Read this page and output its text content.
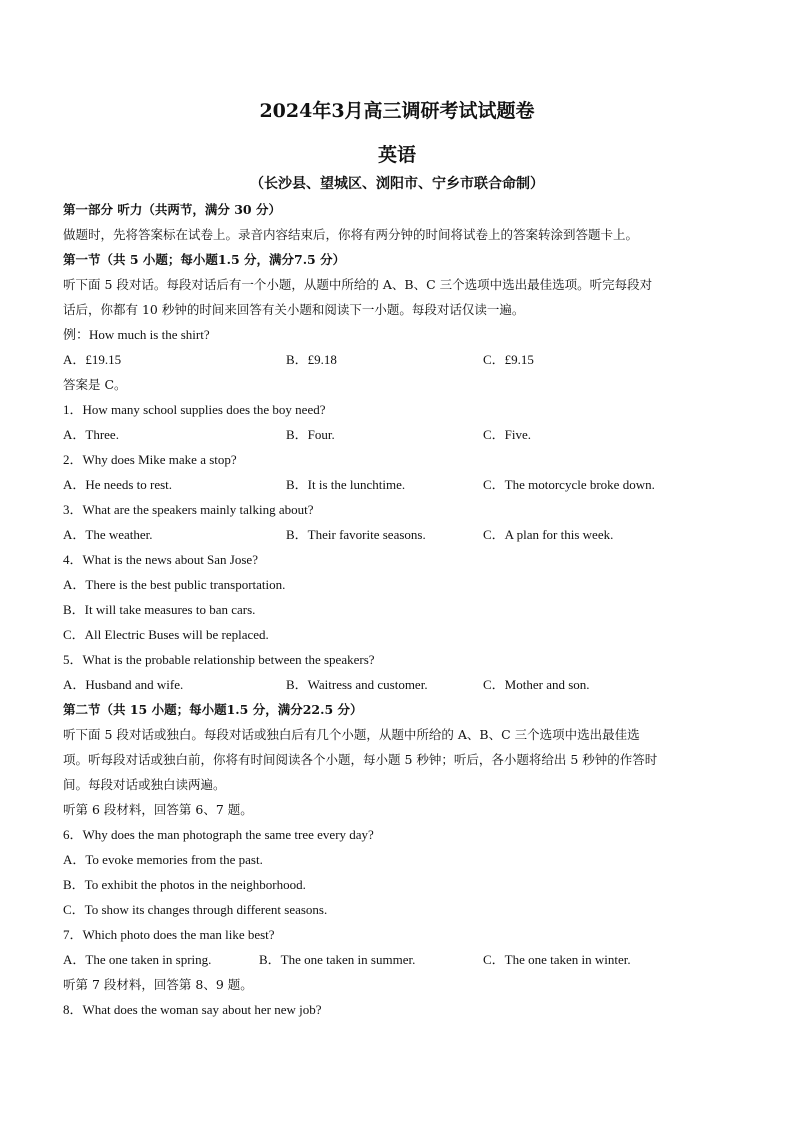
2024年3月高三调研考试试题卷
英语
（长沙县、望城区、浏阳市、宁乡市联合命制）
第一部分 听力（共两节，满分 30 分）
做题时，先将答案标在试卷上。录音内容结束后，你将有两分钟的时间将试卷上的答案转涂到答题卡上。
第一节（共 5 小题；每小题1.5 分，满分7.5 分）
听下面 5 段对话。每段对话后有一个小题，从题中所给的 A、B、C 三个选项中选出最佳选项。听完每段对
话后，你都有 10 秒钟的时间来回答有关小题和阅读下一小题。每段对话仅读一遍。
例：How much is the shirt?
A．£19.15	B．£9.18	C．£9.15
答案是 C。
1．How many school supplies does the boy need?
A．Three.	B．Four.	C．Five.
2．Why does Mike make a stop?
A．He needs to rest.	B．It is the lunchtime.	C．The motorcycle broke down.
3．What are the speakers mainly talking about?
A．The weather.	B．Their favorite seasons.	C．A plan for this week.
4．What is the news about San Jose?
A．There is the best public transportation.
B．It will take measures to ban cars.
C．All Electric Buses will be replaced.
5．What is the probable relationship between the speakers?
A．Husband and wife.	B．Waitress and customer.	C．Mother and son.
第二节（共 15 小题；每小题1.5 分，满分22.5 分）
听下面 5 段对话或独白。每段对话或独白后有几个小题，从题中所给的 A、B、C 三个选项中选出最佳选
项。听每段对话或独白前，你将有时间阅读各个小题，每小题 5 秒钟；听后，各小题将给出 5 秒钟的作答时
间。每段对话或独白读两遍。
听第 6 段材料，回答第 6、7 题。
6．Why does the man photograph the same tree every day?
A．To evoke memories from the past.
B．To exhibit the photos in the neighborhood.
C．To show its changes through different seasons.
7．Which photo does the man like best?
A．The one taken in spring.	B．The one taken in summer.	C．The one taken in winter.
听第 7 段材料，回答第 8、9 题。
8．What does the woman say about her new job?
